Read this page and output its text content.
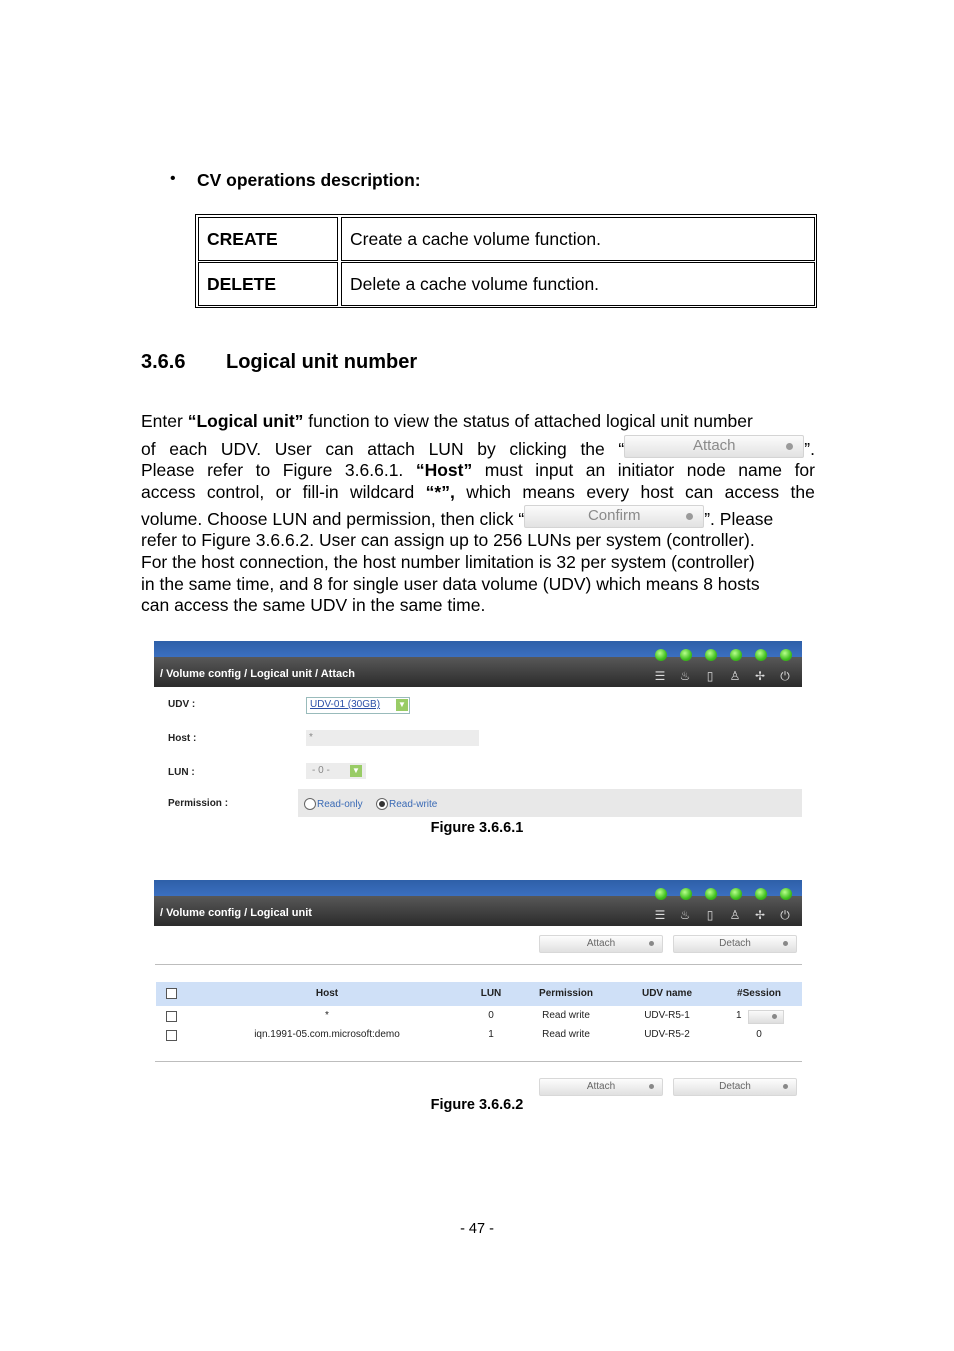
• CV operations description:
CREATE	Create a cache volume function.
DELETE	Delete a cache volume function.
3.6.6 Logical unit number
Enter “Logical unit” function to view the status of attached logical unit number
of each UDV. User can attach LUN by clicking the “	Attach	”.
Please refer to Figure 3.6.6.1. “Host” must input an initiator node name for
access control, or fill-in wildcard “*”, which means every host can access the
volume. Choose LUN and permission, then click “	Confirm	”. Please
refer to Figure 3.6.6.2. User can assign up to 256 LUNs per system (controller).
For the host connection, the host number limitation is 32 per system (controller)
in the same time, and 8 for single user data volume (UDV) which means 8 hosts
can access the same UDV in the same time.
/ Volume config / Logical unit / Attach	☰ ♨	▯	♙ ✢ ⏻
UDV :	UDV-01 (30GB) ▼
Host :	*
LUN :	- 0 -	▼
Permission :	Read-only	Read-write
Figure 3.6.6.1
/ Volume config / Logical unit	☰ ♨	▯	♙ ✢ ⏻
Attach	Detach
Host	LUN	Permission	UDV name	#Session
*	0	Read write	UDV-R5-1	1
iqn.1991-05.com.microsoft:demo	1	Read write	UDV-R5-2	0
Attach	Detach
Figure 3.6.6.2
- 47 -
